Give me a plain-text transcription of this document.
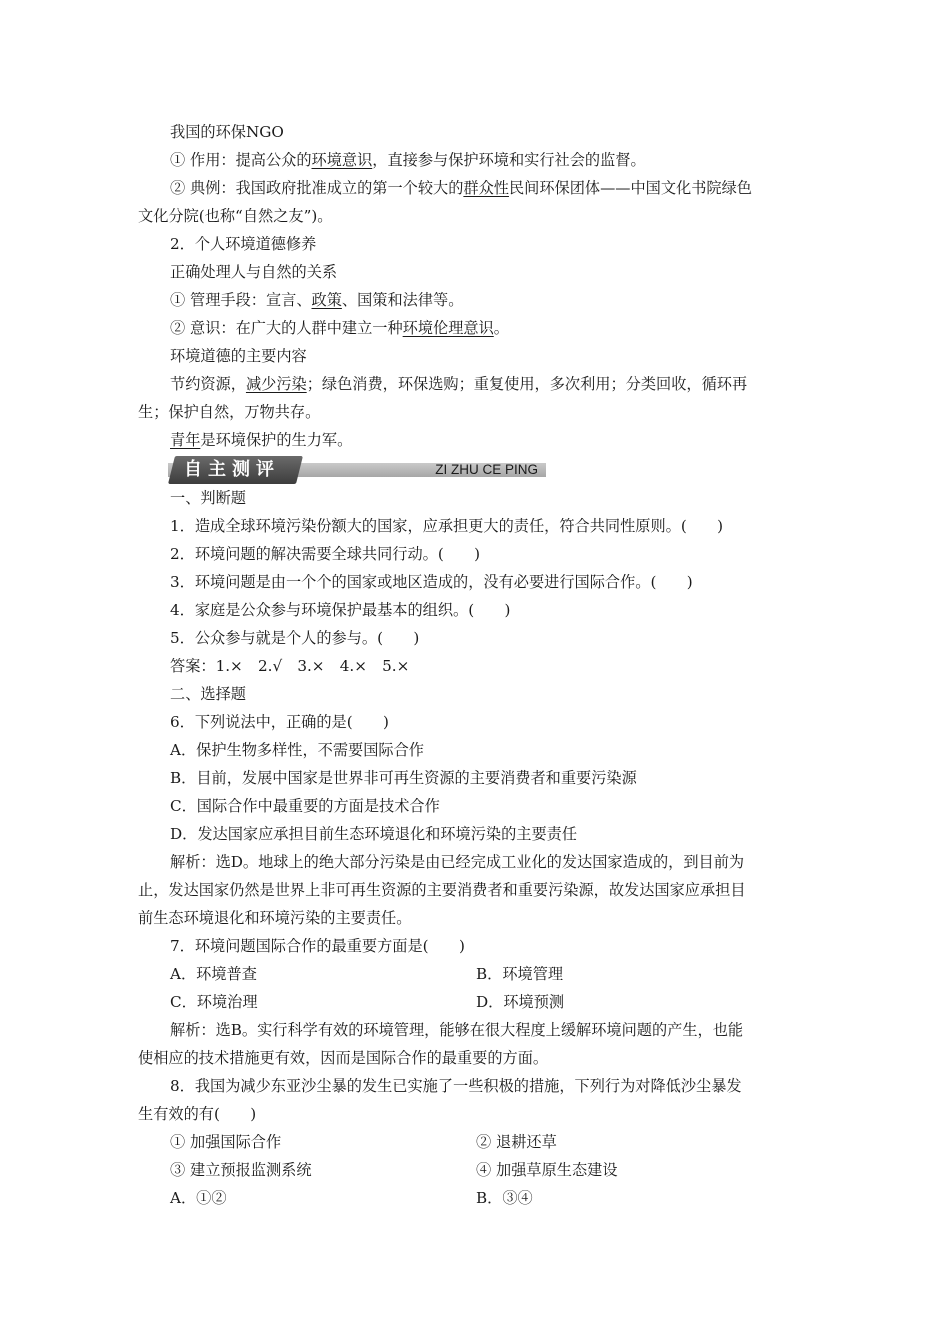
我国的环保NGO
① 作用：提高公众的环境意识，直接参与保护环境和实行社会的监督。
② 典例：我国政府批准成立的第一个较大的群众性民间环保团体——中国文化书院绿色
文化分院(也称“自然之友”)。
2．个人环境道德修养
正确处理人与自然的关系
① 管理手段：宣言、政策、国策和法律等。
② 意识：在广大的人群中建立一种环境伦理意识。
环境道德的主要内容
节约资源，减少污染；绿色消费，环保选购；重复使用，多次利用；分类回收，循环再
生；保护自然，万物共存。
青年是环境保护的生力军。
自主测评	ZI ZHU CE PING
一、判断题
1．造成全球环境污染份额大的国家，应承担更大的责任，符合共同性原则。(　　)
2．环境问题的解决需要全球共同行动。(　　)
3．环境问题是由一个个的国家或地区造成的，没有必要进行国际合作。(　　)
4．家庭是公众参与环境保护最基本的组织。(　　)
5．公众参与就是个人的参与。(　　)
答案：1.×　2.√　3.×　4.×　5.×
二、选择题
6．下列说法中，正确的是(　　)
A．保护生物多样性，不需要国际合作
B．目前，发展中国家是世界非可再生资源的主要消费者和重要污染源
C．国际合作中最重要的方面是技术合作
D．发达国家应承担目前生态环境退化和环境污染的主要责任
解析：选D。地球上的绝大部分污染是由已经完成工业化的发达国家造成的，到目前为
止，发达国家仍然是世界上非可再生资源的主要消费者和重要污染源，故发达国家应承担目
前生态环境退化和环境污染的主要责任。
7．环境问题国际合作的最重要方面是(　　)
A．环境普查	B．环境管理
C．环境治理	D．环境预测
解析：选B。实行科学有效的环境管理，能够在很大程度上缓解环境问题的产生，也能
使相应的技术措施更有效，因而是国际合作的最重要的方面。
8．我国为减少东亚沙尘暴的发生已实施了一些积极的措施，下列行为对降低沙尘暴发
生有效的有(　　)
① 加强国际合作	② 退耕还草
③ 建立预报监测系统	④ 加强草原生态建设
A．①②	B．③④
